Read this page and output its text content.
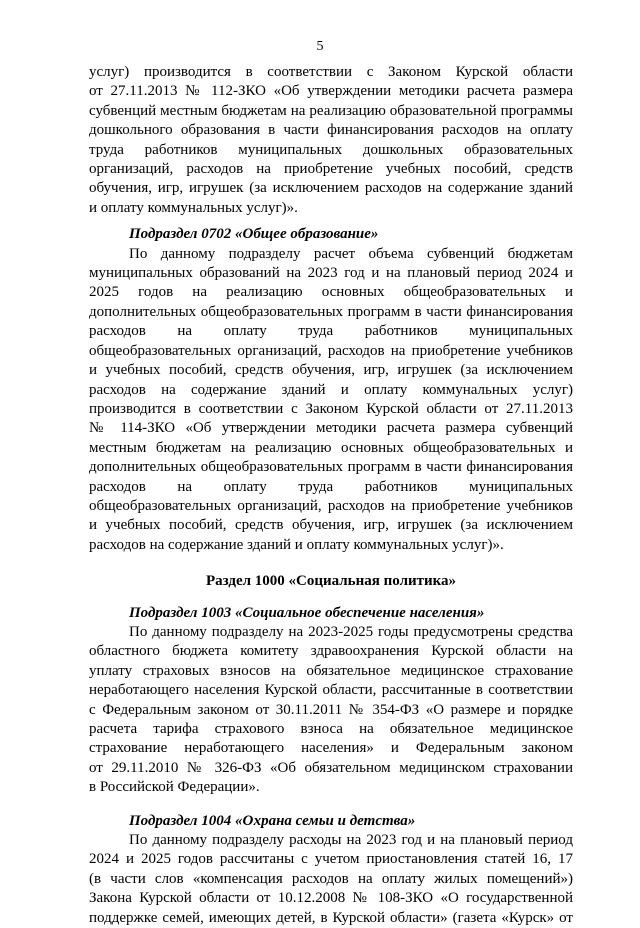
5
услуг) производится в соответствии с Законом Курской области
от 27.11.2013 № 112-ЗКО «Об утверждении методики расчета размера
субвенций местным бюджетам на реализацию образовательной программы
дошкольного образования в части финансирования расходов на оплату
труда работников муниципальных дошкольных образовательных
организаций, расходов на приобретение учебных пособий, средств
обучения, игр, игрушек (за исключением расходов на содержание зданий
и оплату коммунальных услуг)».
Подраздел 0702 «Общее образование»
По данному подразделу расчет объема субвенций бюджетам
муниципальных образований на 2023 год и на плановый период 2024 и
2025 годов на реализацию основных общеобразовательных и
дополнительных общеобразовательных программ в части финансирования
расходов на оплату труда работников муниципальных
общеобразовательных организаций, расходов на приобретение учебников
и учебных пособий, средств обучения, игр, игрушек (за исключением
расходов на содержание зданий и оплату коммунальных услуг)
производится в соответствии с Законом Курской области от 27.11.2013
№ 114-ЗКО «Об утверждении методики расчета размера субвенций
местным бюджетам на реализацию основных общеобразовательных и
дополнительных общеобразовательных программ в части финансирования
расходов на оплату труда работников муниципальных
общеобразовательных организаций, расходов на приобретение учебников
и учебных пособий, средств обучения, игр, игрушек (за исключением
расходов на содержание зданий и оплату коммунальных услуг)».
Раздел 1000 «Социальная политика»
Подраздел 1003 «Социальное обеспечение населения»
По данному подразделу на 2023-2025 годы предусмотрены средства
областного бюджета комитету здравоохранения Курской области на
уплату страховых взносов на обязательное медицинское страхование
неработающего населения Курской области, рассчитанные в соответствии
с Федеральным законом от 30.11.2011 № 354-ФЗ «О размере и порядке
расчета тарифа страхового взноса на обязательное медицинское
страхование неработающего населения» и Федеральным законом
от 29.11.2010 № 326-ФЗ «Об обязательном медицинском страховании
в Российской Федерации».
Подраздел 1004 «Охрана семьи и детства»
По данному подразделу расходы на 2023 год и на плановый период
2024 и 2025 годов рассчитаны с учетом приостановления статей 16, 17
(в части слов «компенсация расходов на оплату жилых помещений»)
Закона Курской области от 10.12.2008 № 108-ЗКО «О государственной
поддержке семей, имеющих детей, в Курской области» (газета «Курск» от
